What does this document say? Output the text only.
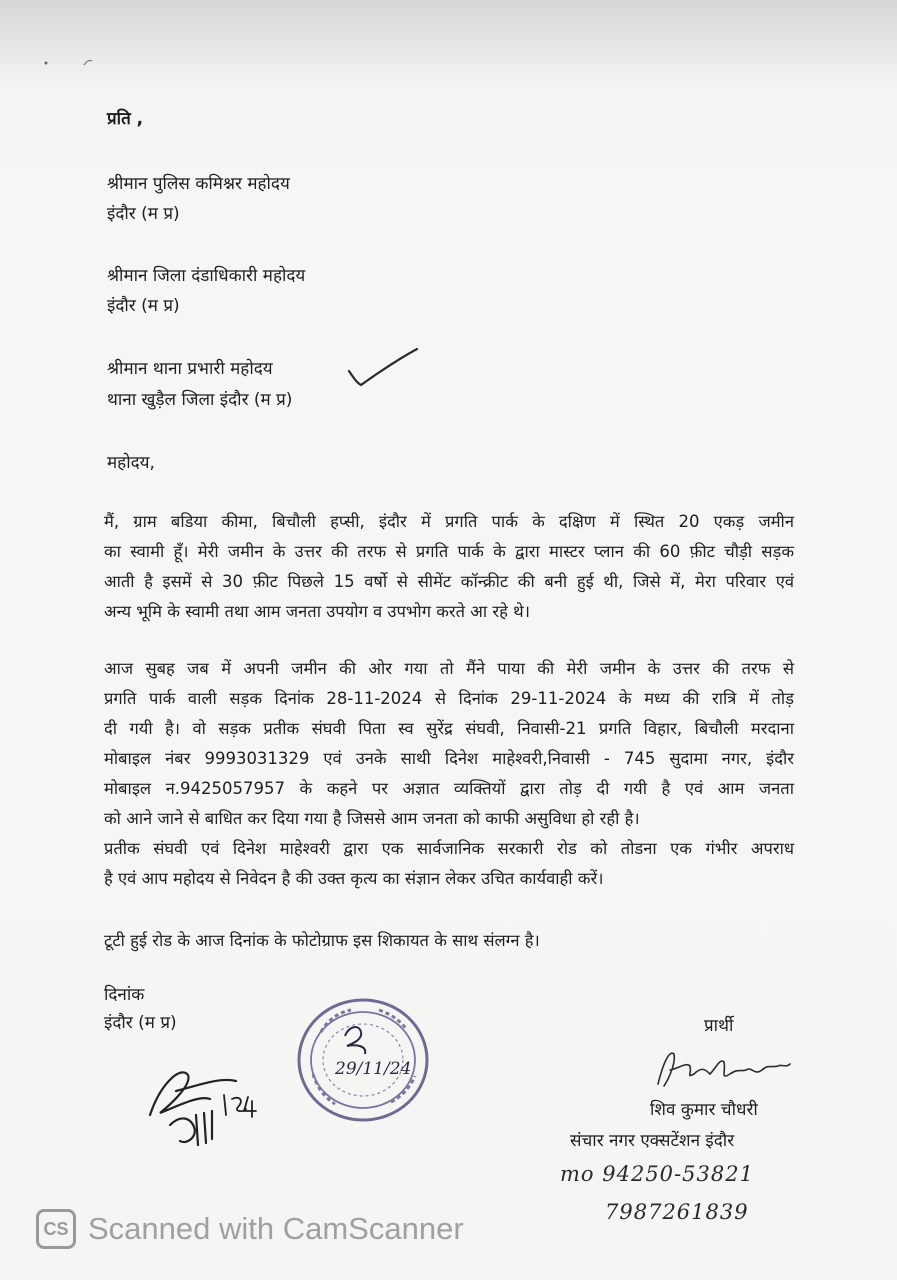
प्रति ,
श्रीमान पुलिस कमिश्नर महोदय
इंदौर (म प्र)
श्रीमान जिला दंडाधिकारी महोदय
इंदौर (म प्र)
श्रीमान थाना प्रभारी महोदय
थाना खुड़ैल जिला इंदौर (म प्र)
महोदय,
मैं, ग्राम बडिया कीमा, बिचौली हप्सी, इंदौर में प्रगति पार्क के दक्षिण में स्थित 20 एकड़ जमीन
का स्वामी हूँ। मेरी जमीन के उत्तर की तरफ से प्रगति पार्क के द्वारा मास्टर प्लान की 60 फ़ीट चौड़ी सड़क
आती है इसमें से 30 फ़ीट पिछले 15 वर्षो से सीमेंट कॉन्क्रीट की बनी हुई थी, जिसे में, मेरा परिवार एवं
अन्य भूमि के स्वामी तथा आम जनता उपयोग व उपभोग करते आ रहे थे।
आज सुबह जब में अपनी जमीन की ओर गया तो मैंने पाया की मेरी जमीन के उत्तर की तरफ से
प्रगति पार्क वाली सड़क दिनांक 28-11-2024 से दिनांक 29-11-2024 के मध्य की रात्रि में तोड़
दी गयी है। वो सड़क प्रतीक संघवी पिता स्व सुरेंद्र संघवी, निवासी-21 प्रगति विहार, बिचौली मरदाना
मोबाइल नंबर 9993031329 एवं उनके साथी दिनेश माहेश्वरी,निवासी - 745 सुदामा नगर, इंदौर
मोबाइल न.9425057957 के कहने पर अज्ञात व्यक्तियों द्वारा तोड़ दी गयी है एवं आम जनता
को आने जाने से बाधित कर दिया गया है जिससे आम जनता को काफी असुविधा हो रही है।
प्रतीक संघवी एवं दिनेश माहेश्वरी द्वारा एक सार्वजानिक सरकारी रोड को तोडना एक गंभीर अपराध
है एवं आप महोदय से निवेदन है की उक्त कृत्य का संज्ञान लेकर उचित कार्यवाही करें।
टूटी हुई रोड के आज दिनांक के फोटोग्राफ इस शिकायत के साथ संलग्न है।
दिनांक
इंदौर (म प्र)	प्रार्थी
शिव कुमार चौधरी
संचार नगर एक्सटेंशन इंदौर
mo 94250-53821
7987261839
29/11/24
CS Scanned with CamScanner
